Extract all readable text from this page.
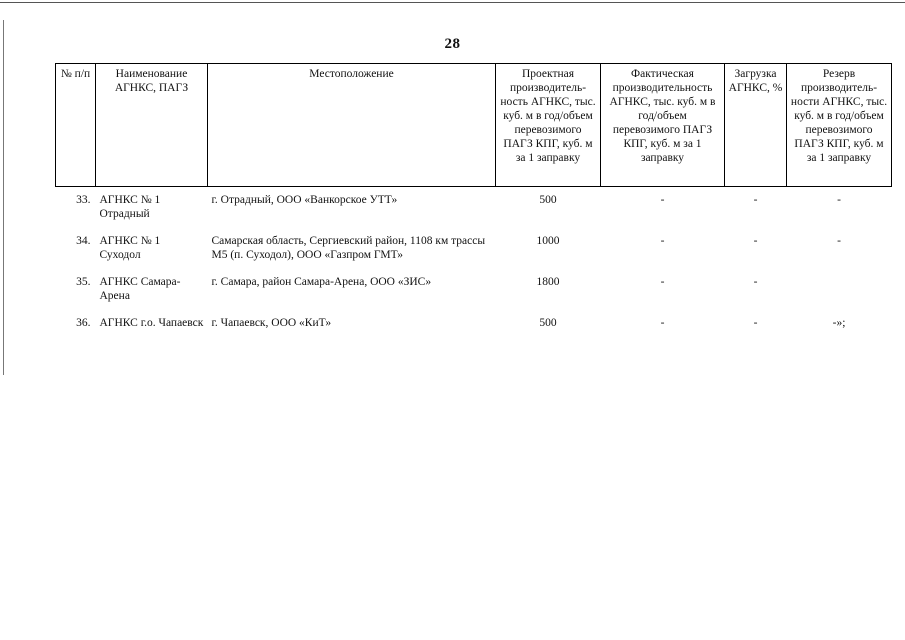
28
№ п/п	Наименование АГНКС, ПАГЗ	Местоположение	Проектная производитель-ность АГНКС, тыс. куб. м в год/объем перевозимого ПАГЗ КПГ, куб. м за 1 заправку	Фактическая производительность АГНКС, тыс. куб. м в год/объем перевозимого ПАГЗ КПГ, куб. м за 1 заправку	Загрузка АГНКС, %	Резерв производитель-ности АГНКС, тыс. куб. м в год/объем перевозимого ПАГЗ КПГ, куб. м за 1 заправку
33.	АГНКС № 1 Отрадный	г. Отрадный, ООО «Ванкорское УТТ»	500	-	-	-
34.	АГНКС № 1 Суходол	Самарская область, Сергиевский район, 1108 км трассы М5 (п. Суходол), ООО «Газпром ГМТ»	1000	-	-	-
35.	АГНКС Самара-Арена	г. Самара, район Самара-Арена, ООО «ЗИС»	1800	-	-	
36.	АГНКС г.о. Чапаевск	г. Чапаевск, ООО «КиТ»	500	-	-	-»;
